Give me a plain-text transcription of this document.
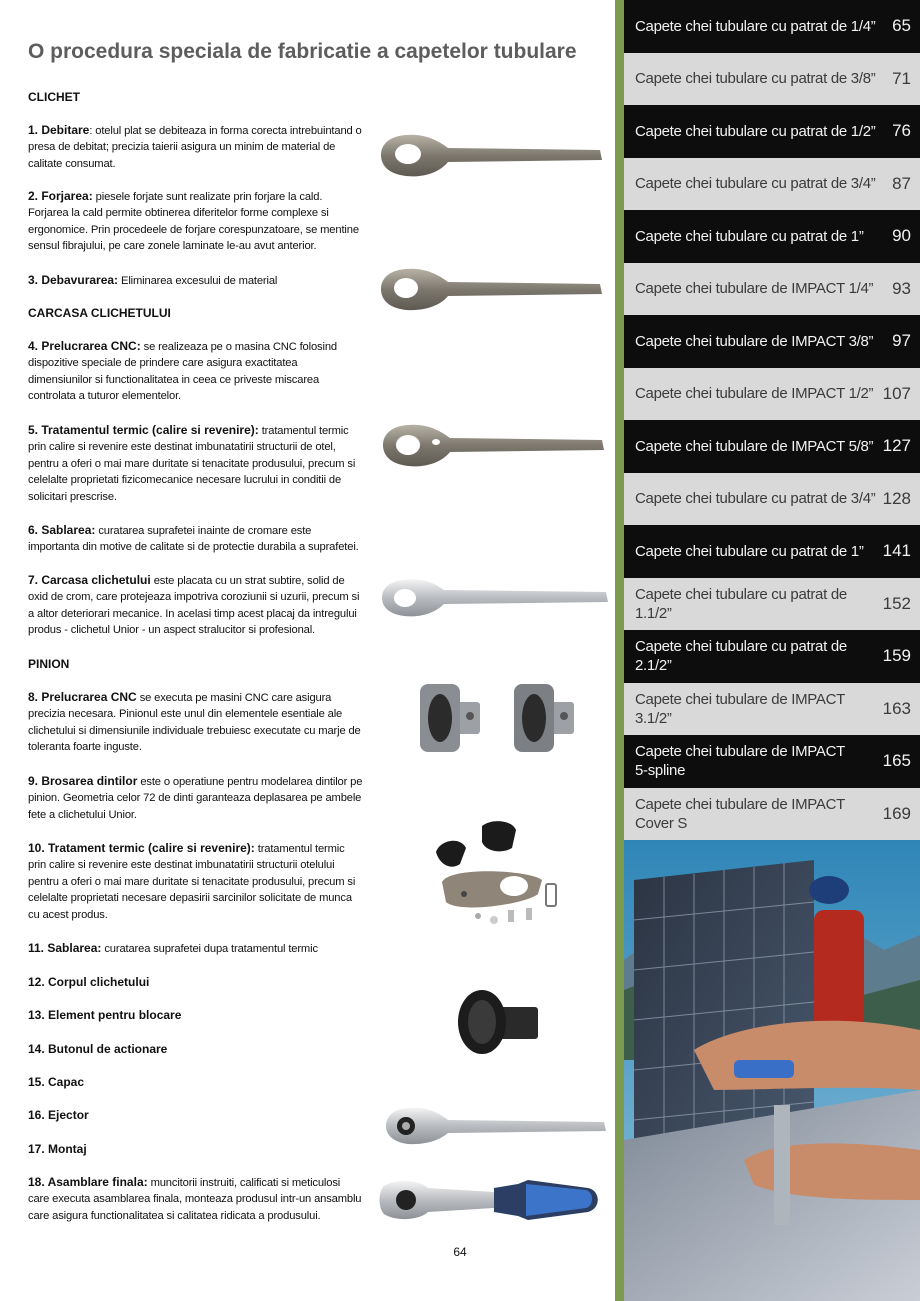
O procedura speciala de fabricatie a capetelor tubulare
CLICHET
CARCASA CLICHETULUI
PINION
1. Debitare: otelul plat se debiteaza in forma corecta intrebuintand o presa de debitat; precizia taierii asigura un minim de material de calitate consumat.
2. Forjarea: piesele forjate sunt realizate prin forjare la cald. Forjarea la cald permite obtinerea diferitelor forme complexe si ergonomice. Prin procedeele de forjare corespunzatoare, se mentine sensul fibrajului, pe care zonele laminate le-au avut anterior.
3. Debavurarea: Eliminarea excesului de material
4. Prelucrarea CNC: se realizeaza pe o masina CNC folosind dispozitive speciale de prindere care asigura exactitatea dimensiunilor si functionalitatea in ceea ce priveste miscarea controlata a tuturor elementelor.
5. Tratamentul termic (calire si revenire): tratamentul termic prin calire si revenire este destinat imbunatatirii structurii de otel, pentru a oferi o mai mare duritate si tenacitate produsului, precum si celelalte proprietati fizicomecanice necesare lucrului in conditii de solicitari prescrise.
6. Sablarea: curatarea suprafetei inainte de cromare este importanta din motive de calitate si de protectie durabila a suprafetei.
7. Carcasa clichetului este placata cu un strat subtire, solid de oxid de crom, care protejeaza impotriva coroziunii si uzurii, precum si a altor deteriorari mecanice. In acelasi timp acest placaj da intregului produs - clichetul Unior - un aspect stralucitor si profesional.
8. Prelucrarea CNC se executa pe masini CNC care asigura precizia necesara. Pinionul este unul din elementele esentiale ale clichetului si dimensiunile individuale trebuiesc executate cu marje de toleranta foarte inguste.
9. Brosarea dintilor este o operatiune pentru modelarea dintilor pe pinion. Geometria celor 72 de dinti garanteaza deplasarea pe ambele fete a clichetului Unior.
10. Tratament termic (calire si revenire): tratamentul termic prin calire si revenire este destinat imbunatatirii structurii otelului pentru a oferi o mai mare duritate si tenacitate produsului, precum si celelalte proprietati necesare depasirii sarcinilor solicitate de munca cu acest produs.
11. Sablarea: curatarea suprafetei dupa tratamentul termic
12. Corpul clichetului
13. Element pentru blocare
14. Butonul de actionare
15. Capac
16. Ejector
17. Montaj
18. Asamblare finala: muncitorii instruiti, calificati si meticulosi care executa asamblarea finala, monteaza produsul intr-un ansamblu care asigura functionalitatea si calitatea ridicata a produsului.
64
Capete chei tubulare cu patrat de 1/4” 65
Capete chei tubulare cu patrat de 3/8” 71
Capete chei tubulare cu patrat de 1/2” 76
Capete chei tubulare cu patrat de 3/4” 87
Capete chei tubulare cu patrat de 1” 90
Capete chei tubulare de IMPACT 1/4” 93
Capete chei tubulare de IMPACT 3/8” 97
Capete chei tubulare de IMPACT 1/2” 107
Capete chei tubulare de IMPACT 5/8” 127
Capete chei tubulare cu patrat de 3/4” 128
Capete chei tubulare cu patrat de 1” 141
Capete chei tubulare cu patrat de 1.1/2”
152
Capete chei tubulare cu patrat de 2.1/2”
159
Capete chei tubulare de IMPACT 3.1/2”
163
Capete chei tubulare de IMPACT 5-spline
165
Capete chei tubulare de IMPACT Cover S
169
